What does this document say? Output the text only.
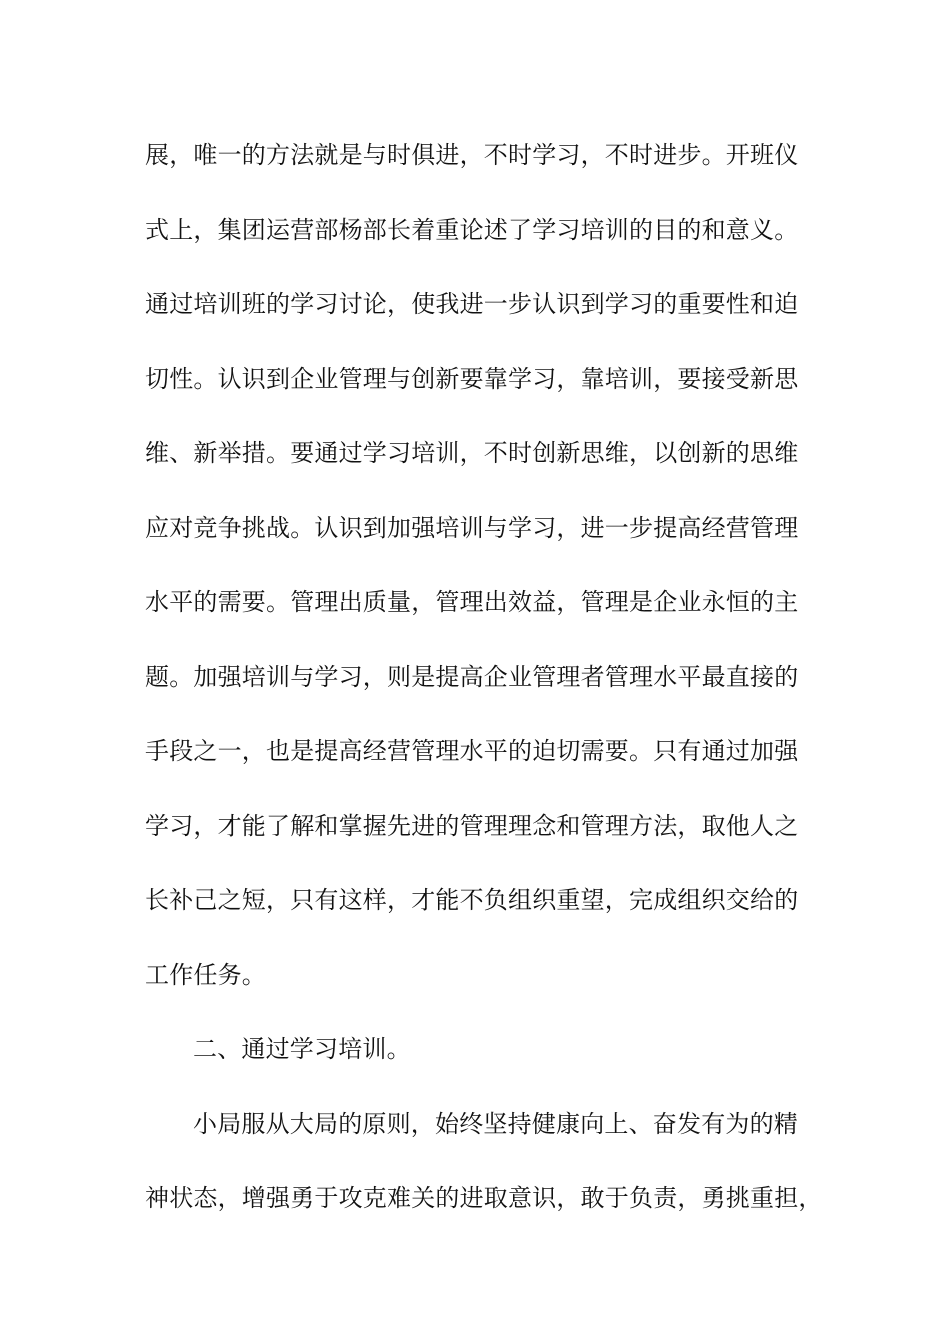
展，唯一的方法就是与时俱进，不时学习，不时进步。开班仪
式上，集团运营部杨部长着重论述了学习培训的目的和意义。
通过培训班的学习讨论，使我进一步认识到学习的重要性和迫
切性。认识到企业管理与创新要靠学习，靠培训，要接受新思
维、新举措。要通过学习培训，不时创新思维，以创新的思维
应对竞争挑战。认识到加强培训与学习，进一步提高经营管理
水平的需要。管理出质量，管理出效益，管理是企业永恒的主
题。加强培训与学习，则是提高企业管理者管理水平最直接的
手段之一，也是提高经营管理水平的迫切需要。只有通过加强
学习，才能了解和掌握先进的管理理念和管理方法，取他人之
长补己之短，只有这样，才能不负组织重望，完成组织交给的
工作任务。
二、通过学习培训。
小局服从大局的原则，始终坚持健康向上、奋发有为的精
神状态，增强勇于攻克难关的进取意识，敢于负责，勇挑重担，
